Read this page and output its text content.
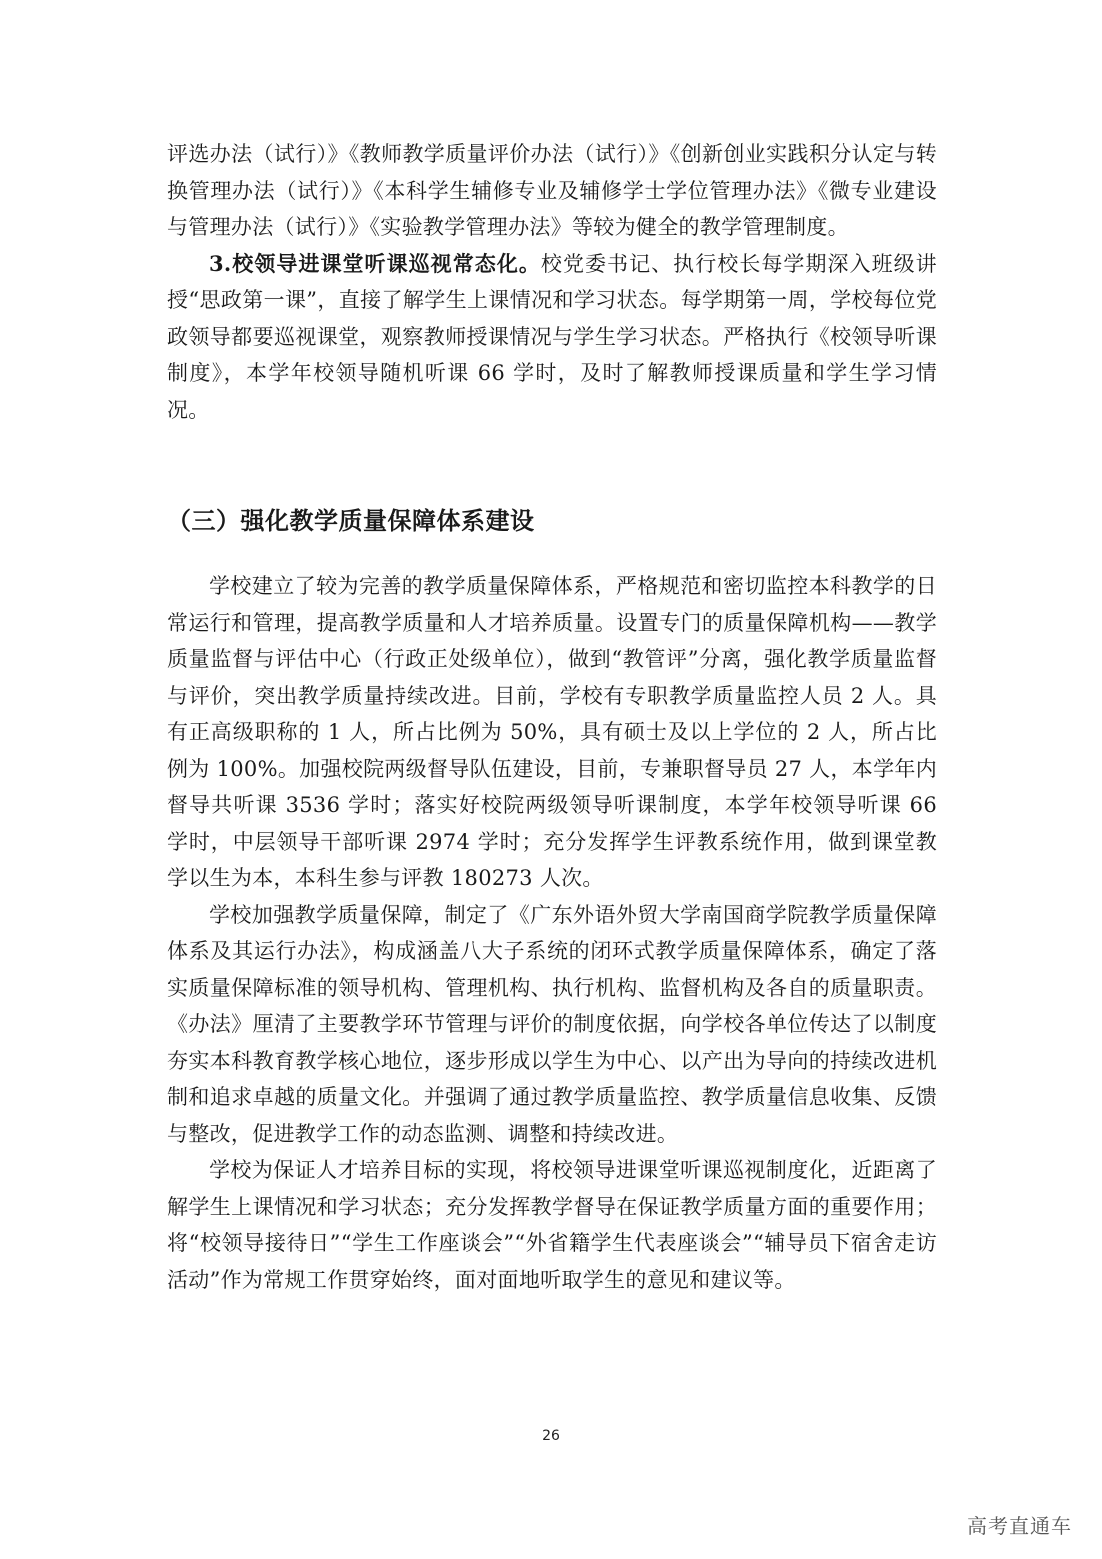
评选办法（试行）》《教师教学质量评价办法（试行）》《创新创业实践积分认定与转换管理办法（试行）》《本科学生辅修专业及辅修学士学位管理办法》《微专业建设与管理办法（试行）》《实验教学管理办法》等较为健全的教学管理制度。

3.校领导进课堂听课巡视常态化。校党委书记、执行校长每学期深入班级讲授“思政第一课”，直接了解学生上课情况和学习状态。每学期第一周，学校每位党政领导都要巡视课堂，观察教师授课情况与学生学习状态。严格执行《校领导听课制度》，本学年校领导随机听课 66 学时，及时了解教师授课质量和学生学习情况。

（三）强化教学质量保障体系建设

学校建立了较为完善的教学质量保障体系，严格规范和密切监控本科教学的日常运行和管理，提高教学质量和人才培养质量。设置专门的质量保障机构——教学质量监督与评估中心（行政正处级单位），做到“教管评”分离，强化教学质量监督与评价，突出教学质量持续改进。目前，学校有专职教学质量监控人员 2 人。具有正高级职称的 1 人，所占比例为 50%，具有硕士及以上学位的 2 人，所占比例为 100%。加强校院两级督导队伍建设，目前，专兼职督导员 27 人，本学年内督导共听课 3536 学时；落实好校院两级领导听课制度，本学年校领导听课 66 学时，中层领导干部听课 2974 学时；充分发挥学生评教系统作用，做到课堂教学以生为本，本科生参与评教 180273 人次。

学校加强教学质量保障，制定了《广东外语外贸大学南国商学院教学质量保障体系及其运行办法》，构成涵盖八大子系统的闭环式教学质量保障体系，确定了落实质量保障标准的领导机构、管理机构、执行机构、监督机构及各自的质量职责。《办法》厘清了主要教学环节管理与评价的制度依据，向学校各单位传达了以制度夯实本科教育教学核心地位，逐步形成以学生为中心、以产出为导向的持续改进机制和追求卓越的质量文化。并强调了通过教学质量监控、教学质量信息收集、反馈与整改，促进教学工作的动态监测、调整和持续改进。

学校为保证人才培养目标的实现，将校领导进课堂听课巡视制度化，近距离了解学生上课情况和学习状态；充分发挥教学督导在保证教学质量方面的重要作用；将“校领导接待日”“学生工作座谈会”“外省籍学生代表座谈会”“辅导员下宿舍走访活动”作为常规工作贯穿始终，面对面地听取学生的意见和建议等。

26
高考直通车
